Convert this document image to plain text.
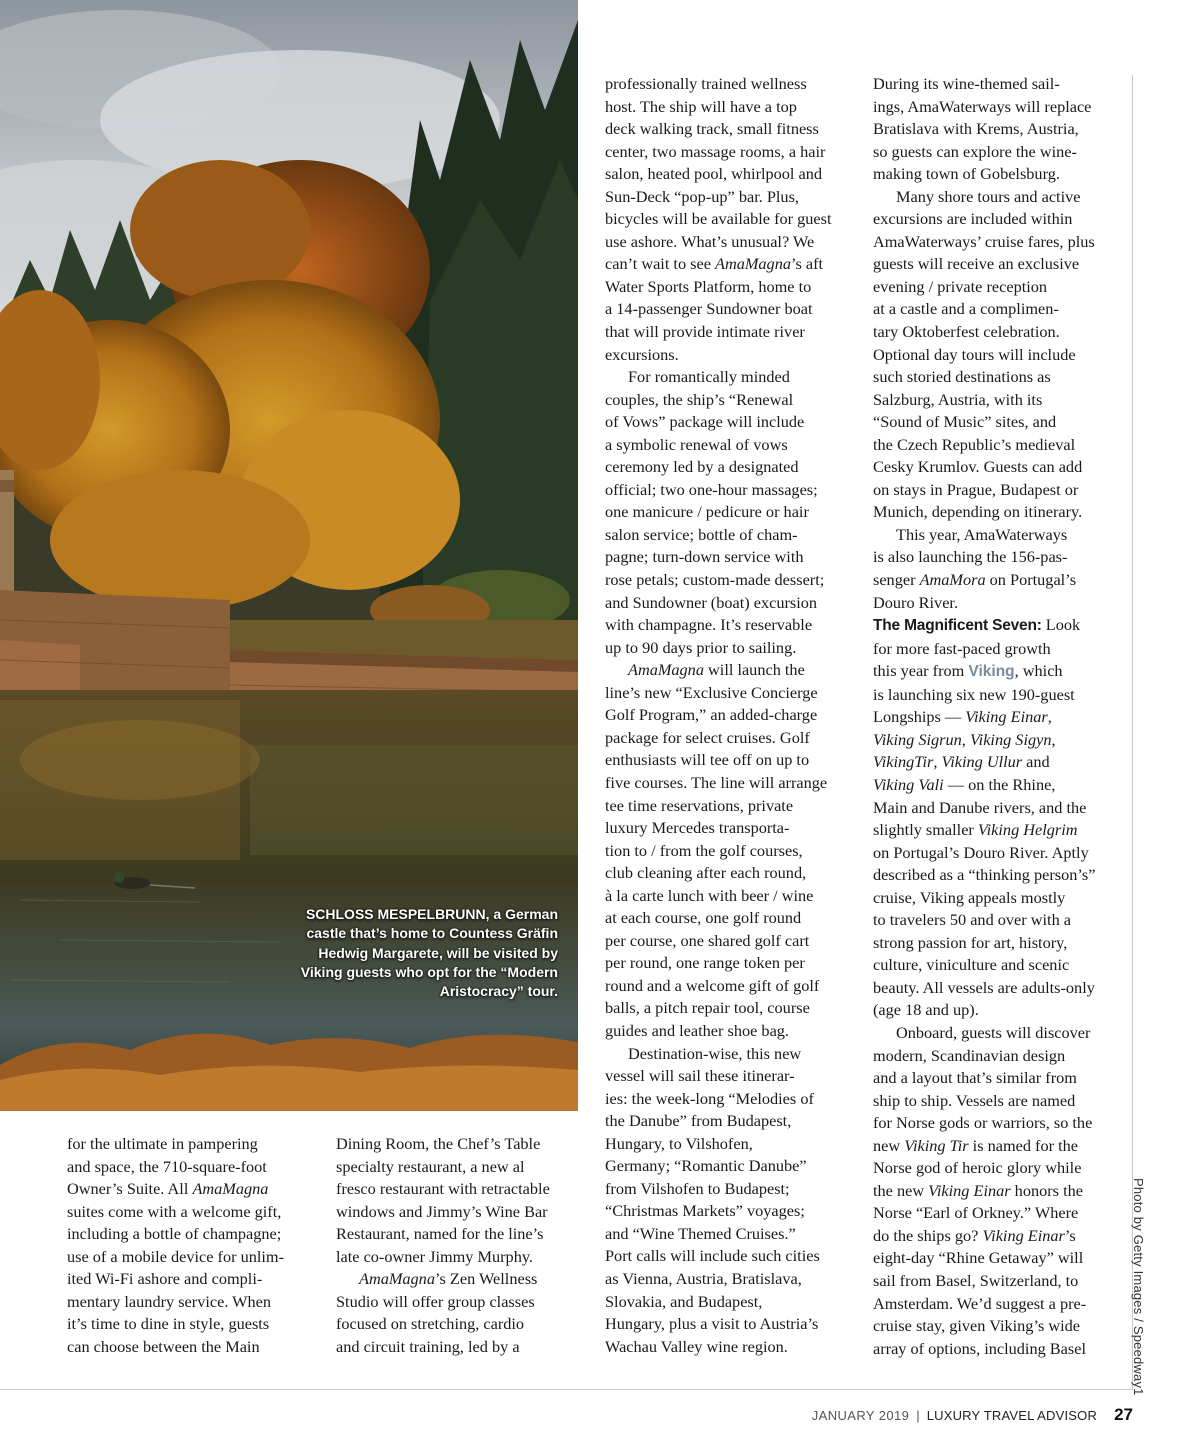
SCHLOSS MESPELBRUNN, a German castle that’s home to Countess Gräfin Hedwig Margarete, will be visited by Viking guests who opt for the “Modern Aristocracy” tour.

for the ultimate in pampering
and space, the 710-square-foot
Owner’s Suite. All AmaMagna
suites come with a welcome gift,
including a bottle of champagne;
use of a mobile device for unlim-
ited Wi-Fi ashore and compli-
mentary laundry service. When
it’s time to dine in style, guests
can choose between the Main

Dining Room, the Chef’s Table
specialty restaurant, a new al
fresco restaurant with retractable
windows and Jimmy’s Wine Bar
Restaurant, named for the line’s
late co-owner Jimmy Murphy.

AmaMagna’s Zen Wellness

Studio will offer group classes
focused on stretching, cardio
and circuit training, led by a

professionally trained wellness
host. The ship will have a top
deck walking track, small fitness
center, two massage rooms, a hair
salon, heated pool, whirlpool and
Sun-Deck “pop-up” bar. Plus,
bicycles will be available for guest
use ashore. What’s unusual? We
can’t wait to see AmaMagna’s aft
Water Sports Platform, home to
a 14-passenger Sundowner boat
that will provide intimate river
excursions.

For romantically minded
couples, the ship’s “Renewal
of Vows” package will include
a symbolic renewal of vows
ceremony led by a designated
official; two one-hour massages;
one manicure / pedicure or hair
salon service; bottle of cham-
pagne; turn-down service with
rose petals; custom-made dessert;
and Sundowner (boat) excursion
with champagne. It’s reservable
up to 90 days prior to sailing.

AmaMagna will launch the
line’s new “Exclusive Concierge
Golf Program,” an added-charge
package for select cruises. Golf
enthusiasts will tee off on up to
five courses. The line will arrange
tee time reservations, private
luxury Mercedes transporta-
tion to / from the golf courses,
club cleaning after each round,
à la carte lunch with beer / wine
at each course, one golf round
per course, one shared golf cart
per round, one range token per
round and a welcome gift of golf
balls, a pitch repair tool, course
guides and leather shoe bag.

Destination-wise, this new
vessel will sail these itinerar-
ies: the week-long “Melodies of
the Danube” from Budapest,
Hungary, to Vilshofen,
Germany; “Romantic Danube”
from Vilshofen to Budapest;
“Christmas Markets” voyages;
and “Wine Themed Cruises.”
Port calls will include such cities
as Vienna, Austria, Bratislava,
Slovakia, and Budapest,
Hungary, plus a visit to Austria’s
Wachau Valley wine region.

During its wine-themed sail-
ings, AmaWaterways will replace
Bratislava with Krems, Austria,
so guests can explore the wine-
making town of Gobelsburg.

Many shore tours and active
excursions are included within
AmaWaterways’ cruise fares, plus
guests will receive an exclusive
evening / private reception
at a castle and a complimen-
tary Oktoberfest celebration.
Optional day tours will include
such storied destinations as
Salzburg, Austria, with its
“Sound of Music” sites, and
the Czech Republic’s medieval
Cesky Krumlov. Guests can add
on stays in Prague, Budapest or
Munich, depending on itinerary.

This year, AmaWaterways
is also launching the 156-pas-
senger AmaMora on Portugal’s
Douro River.

The Magnificent Seven: Look
for more fast-paced growth
this year from Viking, which
is launching six new 190-guest
Longships — Viking Einar,
Viking Sigrun, Viking Sigyn,
VikingTir, Viking Ullur and
Viking Vali — on the Rhine,
Main and Danube rivers, and the
slightly smaller Viking Helgrim
on Portugal’s Douro River. Aptly
described as a “thinking person’s”
cruise, Viking appeals mostly
to travelers 50 and over with a
strong passion for art, history,
culture, viniculture and scenic
beauty. All vessels are adults-only
(age 18 and up).

Onboard, guests will discover
modern, Scandinavian design
and a layout that’s similar from
ship to ship. Vessels are named
for Norse gods or warriors, so the
new Viking Tir is named for the
Norse god of heroic glory while
the new Viking Einar honors the
Norse “Earl of Orkney.” Where
do the ships go? Viking Einar’s
eight-day “Rhine Getaway” will
sail from Basel, Switzerland, to
Amsterdam. We’d suggest a pre-
cruise stay, given Viking’s wide
array of options, including Basel	Photo by Getty Images / Speedway1
JANUARY 2019 | LUXURY TRAVEL ADVISOR 27
